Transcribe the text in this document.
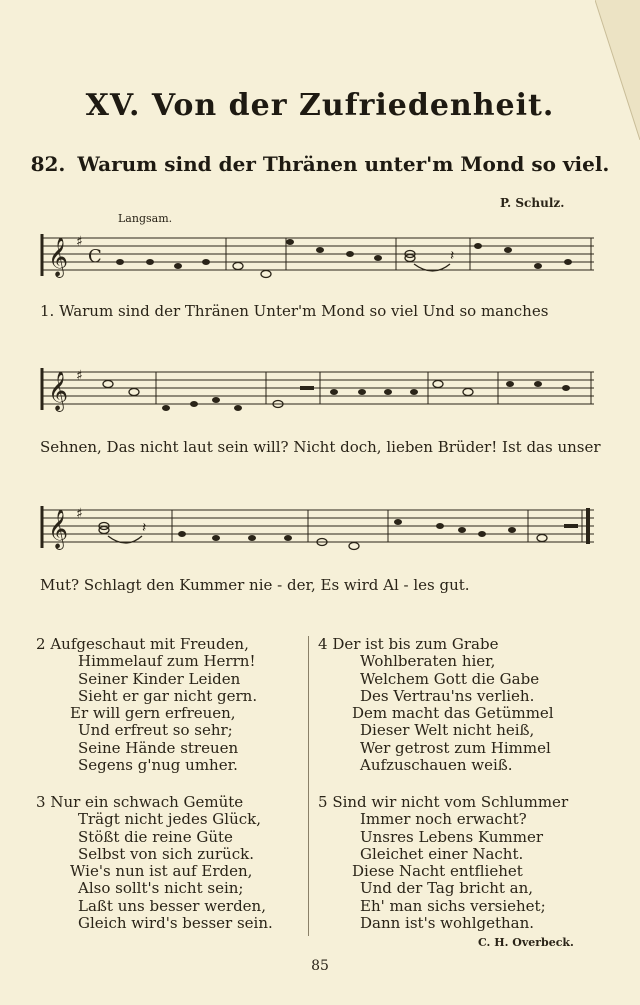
XV. Von der Zufriedenheit.
82. Warum sind der Thränen unter'm Mond so viel.
P. Schulz.
Langsam.
𝄞 ♯
C	𝄽
1. Warum sind der Thränen Unter'm Mond so viel Und so manches
𝄞 ♯
Sehnen, Das nicht laut sein will? Nicht doch, lieben Brüder! Ist das unser
𝄞 ♯
𝄽
Mut? Schlagt den Kummer nie - der, Es wird Al - les gut.
2 Aufgeschaut mit Freuden,
Himmelauf zum Herrn!
Seiner Kinder Leiden
Sieht er gar nicht gern.
Er will gern erfreuen,
Und erfreut so sehr;
Seine Hände streuen
Segens g'nug umher.
3 Nur ein schwach Gemüte
Trägt nicht jedes Glück,
Stößt die reine Güte
Selbst von sich zurück.
Wie's nun ist auf Erden,
Also sollt's nicht sein;
Laßt uns besser werden,
Gleich wird's besser sein.
4 Der ist bis zum Grabe
Wohlberaten hier,
Welchem Gott die Gabe
Des Vertrau'ns verlieh.
Dem macht das Getümmel
Dieser Welt nicht heiß,
Wer getrost zum Himmel
Aufzuschauen weiß.
5 Sind wir nicht vom Schlummer
Immer noch erwacht?
Unsres Lebens Kummer
Gleichet einer Nacht.
Diese Nacht entfliehet
Und der Tag bricht an,
Eh' man sichs versiehet;
Dann ist's wohlgethan.
C. H. Overbeck.
85
